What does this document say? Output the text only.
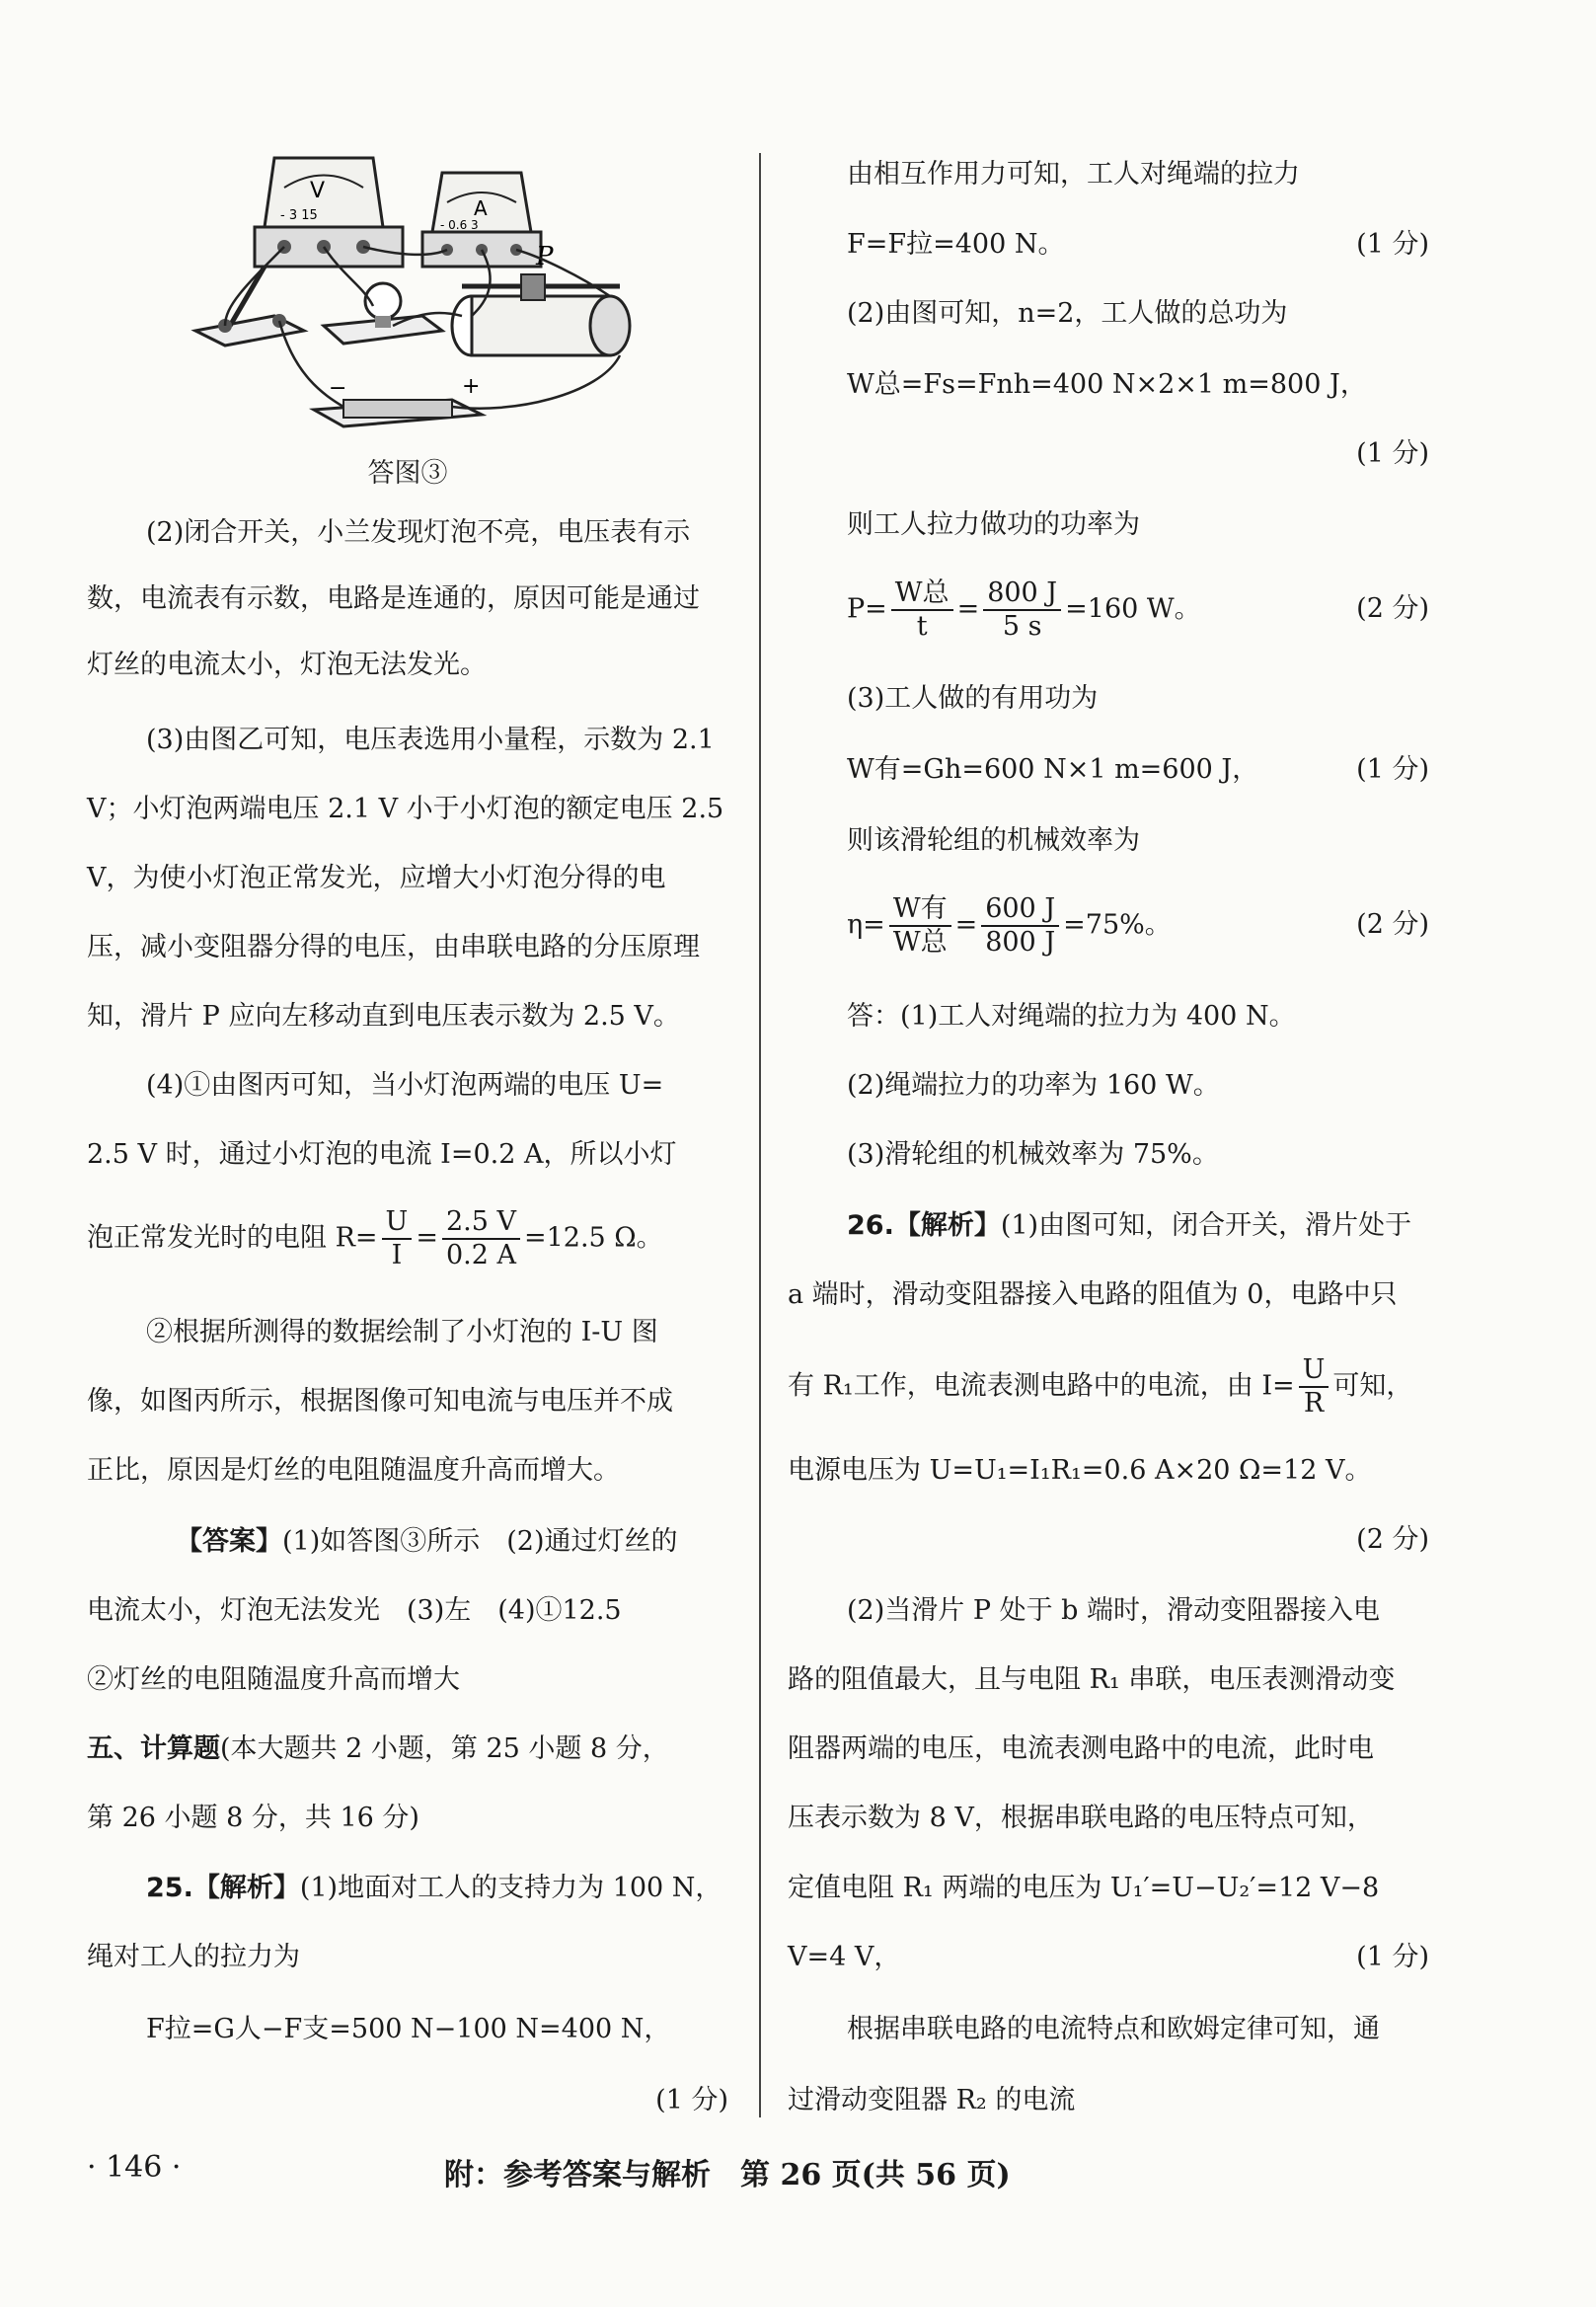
V
- 3 15	A
- 0.6 3
P
−	+
答图③
(2)闭合开关，小兰发现灯泡不亮，电压表有示
数，电流表有示数，电路是连通的，原因可能是通过
灯丝的电流太小，灯泡无法发光。
(3)由图乙可知，电压表选用小量程，示数为 2.1
V；小灯泡两端电压 2.1 V 小于小灯泡的额定电压 2.5
V，为使小灯泡正常发光，应增大小灯泡分得的电
压，减小变阻器分得的电压，由串联电路的分压原理
知，滑片 P 应向左移动直到电压表示数为 2.5 V。
(4)①由图丙可知，当小灯泡两端的电压 U=
2.5 V 时，通过小灯泡的电流 I=0.2 A，所以小灯
泡正常发光时的电阻 $R= \frac{U}{I} = \frac{2.5 V}{0.2 A} =12.5$ Ω。
②根据所测得的数据绘制了小灯泡的 I-U 图
像，如图丙所示，根据图像可知电流与电压并不成
正比，原因是灯丝的电阻随温度升高而增大。
【答案】(1)如答图③所示　(2)通过灯丝的
电流太小，灯泡无法发光　(3)左　(4)①12.5
②灯丝的电阻随温度升高而增大
五、计算题(本大题共 2 小题，第 25 小题 8 分，
第 26 小题 8 分，共 16 分)
25.【解析】(1)地面对工人的支持力为 100 N，
绳对工人的拉力为
F拉=G人−F支=500 N−100 N=400 N，
(1 分)
由相互作用力可知，工人对绳端的拉力
F=F拉=400 N。	(1 分)
(2)由图可知，n=2，工人做的总功为
W总=Fs=Fnh=400 N×2×1 m=800 J，
(1 分)
则工人拉力做功的功率为
$P= \frac{\text{W总}}{t} = \frac{800 J}{5 s} =160$ W。	(2 分)
(3)工人做的有用功为
W有=Gh=600 N×1 m=600 J，	(1 分)
则该滑轮组的机械效率为
$\eta= \frac{\text{W有}}{\text{W总}} = \frac{600 J}{800 J} =75\%$。	(2 分)
答：(1)工人对绳端的拉力为 400 N。
(2)绳端拉力的功率为 160 W。
(3)滑轮组的机械效率为 75%。
26.【解析】(1)由图可知，闭合开关，滑片处于
a 端时，滑动变阻器接入电路的阻值为 0，电路中只
有 R₁工作，电流表测电路中的电流，由 $I= \frac{U}{R}$ 可知，
电源电压为 U=U₁=I₁R₁=0.6 A×20 Ω=12 V。
(2 分)
(2)当滑片 P 处于 b 端时，滑动变阻器接入电
路的阻值最大，且与电阻 R₁ 串联，电压表测滑动变
阻器两端的电压，电流表测电路中的电流，此时电
压表示数为 8 V，根据串联电路的电压特点可知，
定值电阻 R₁ 两端的电压为 U₁′=U−U₂′=12 V−8
V=4 V，	(1 分)
根据串联电路的电流特点和欧姆定律可知，通
过滑动变阻器 R₂ 的电流
· 146 ·	附：参考答案与解析　第 26 页(共 56 页)
